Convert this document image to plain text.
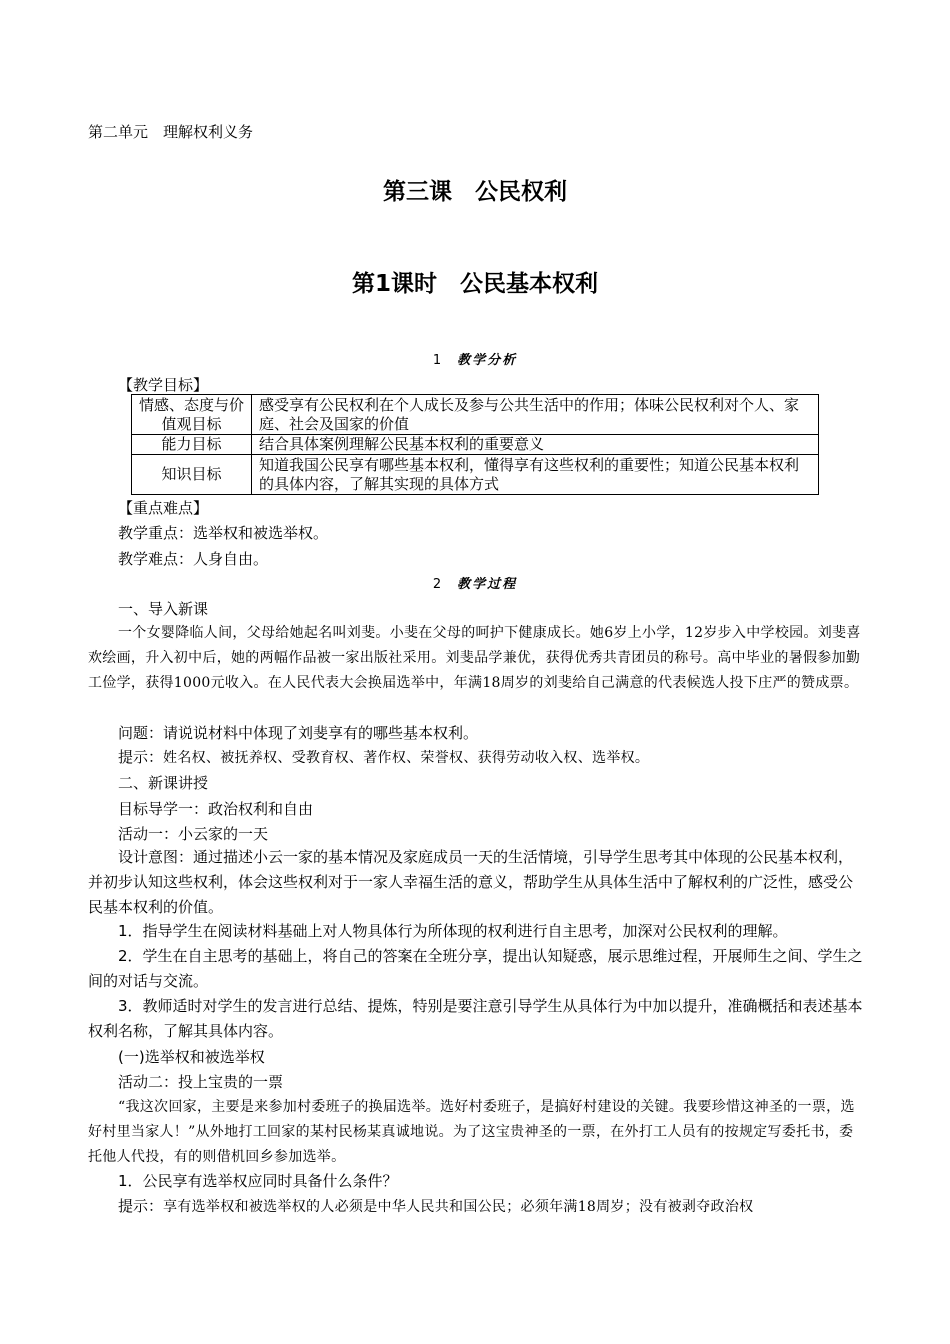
第二单元　理解权利义务
第三课　公民权利
第1课时　公民基本权利
1 教学分析
【教学目标】
情感、态度与价值观目标	感受享有公民权利在个人成长及参与公共生活中的作用；体味公民权利对个人、家庭、社会及国家的价值
能力目标	结合具体案例理解公民基本权利的重要意义
知识目标	知道我国公民享有哪些基本权利，懂得享有这些权利的重要性；知道公民基本权利的具体内容，了解其实现的具体方式
【重点难点】
教学重点：选举权和被选举权。
教学难点：人身自由。
2 教学过程
一、导入新课
一个女婴降临人间，父母给她起名叫刘斐。小斐在父母的呵护下健康成长。她6岁上小学，12岁步入中学校园。刘斐喜欢绘画，升入初中后，她的两幅作品被一家出版社采用。刘斐品学兼优，获得优秀共青团员的称号。高中毕业的暑假参加勤工俭学，获得1000元收入。在人民代表大会换届选举中，年满18周岁的刘斐给自己满意的代表候选人投下庄严的赞成票。
问题：请说说材料中体现了刘斐享有的哪些基本权利。
提示：姓名权、被抚养权、受教育权、著作权、荣誉权、获得劳动收入权、选举权。
二、新课讲授
目标导学一：政治权利和自由
活动一：小云家的一天
设计意图：通过描述小云一家的基本情况及家庭成员一天的生活情境，引导学生思考其中体现的公民基本权利，并初步认知这些权利，体会这些权利对于一家人幸福生活的意义，帮助学生从具体生活中了解权利的广泛性，感受公民基本权利的价值。
1．指导学生在阅读材料基础上对人物具体行为所体现的权利进行自主思考，加深对公民权利的理解。
2．学生在自主思考的基础上，将自己的答案在全班分享，提出认知疑惑，展示思维过程，开展师生之间、学生之间的对话与交流。
3．教师适时对学生的发言进行总结、提炼，特别是要注意引导学生从具体行为中加以提升，准确概括和表述基本权利名称，了解其具体内容。
(一)选举权和被选举权
活动二：投上宝贵的一票
“我这次回家，主要是来参加村委班子的换届选举。选好村委班子，是搞好村建设的关键。我要珍惜这神圣的一票，选好村里当家人！”从外地打工回家的某村民杨某真诚地说。为了这宝贵神圣的一票，在外打工人员有的按规定写委托书，委托他人代投，有的则借机回乡参加选举。
1．公民享有选举权应同时具备什么条件？
提示：享有选举权和被选举权的人必须是中华人民共和国公民；必须年满18周岁；没有被剥夺政治权
